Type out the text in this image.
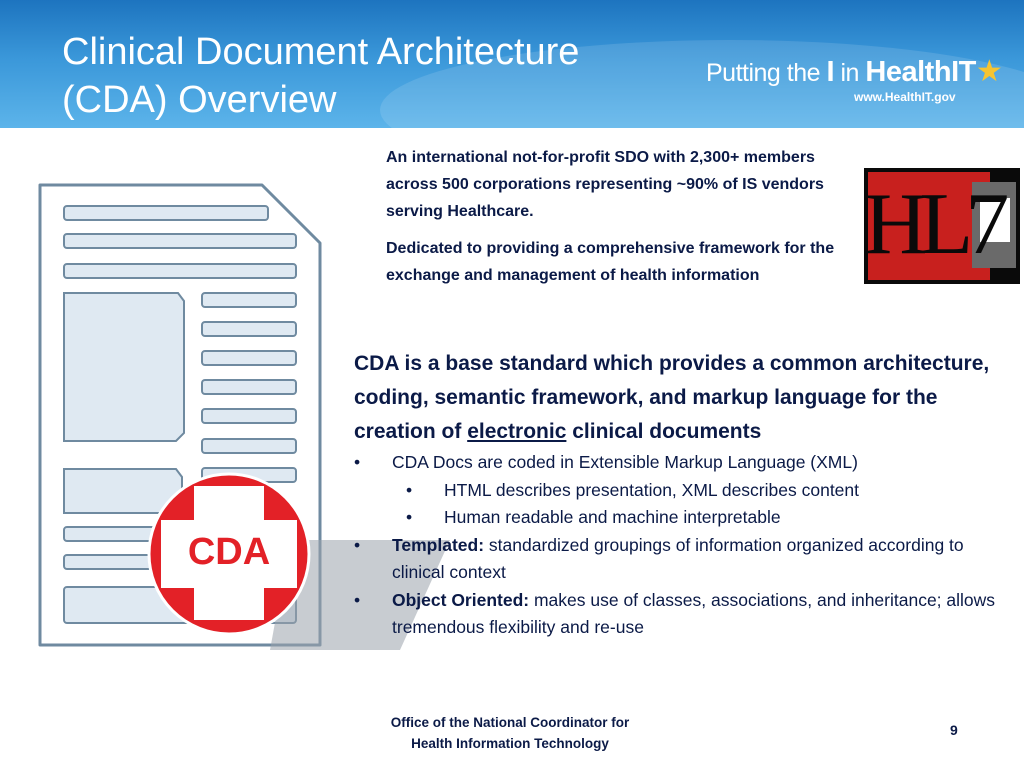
Clinical Document Architecture
(CDA) Overview
Putting the I in HealthIT★
www.HealthIT.gov
CDA
HL7

An international not-for-profit SDO with 2,300+ members across 500 corporations representing ~90% of IS vendors serving Healthcare.

Dedicated to providing a comprehensive framework for the exchange and management of health information

CDA is a base standard which provides a common architecture, coding, semantic framework, and markup language for the creation of electronic clinical documents

• CDA Docs are coded in Extensible Markup Language (XML)
• HTML describes presentation, XML describes content
• Human readable and machine interpretable
• Templated: standardized groupings of information organized according to clinical context
• Object Oriented: makes use of classes, associations, and inheritance; allows tremendous flexibility and re-use
Office of the National Coordinator for
Health Information Technology
9
